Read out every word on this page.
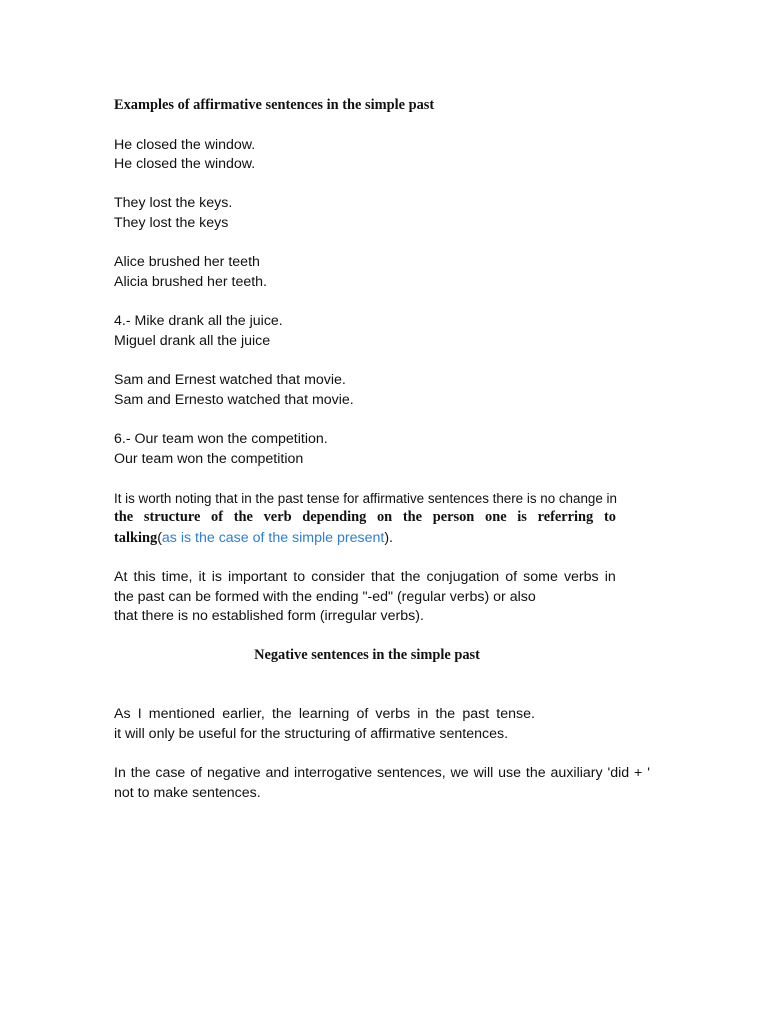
Examples of affirmative sentences in the simple past
He closed the window.
He closed the window.
They lost the keys.
They lost the keys
Alice brushed her teeth
Alicia brushed her teeth.
4.- Mike drank all the juice.
Miguel drank all the juice
Sam and Ernest watched that movie.
Sam and Ernesto watched that movie.
6.- Our team won the competition.
Our team won the competition
It is worth noting that in the past tense for affirmative sentences there is no change in
the structure of the verb depending on the person one is referring to
talking(as is the case of the simple present).
At this time, it is important to consider that the conjugation of some verbs in
the past can be formed with the ending "-ed" (regular verbs) or also
that there is no established form (irregular verbs).
Negative sentences in the simple past
As I mentioned earlier, the learning of verbs in the past tense.
it will only be useful for the structuring of affirmative sentences.
In the case of negative and interrogative sentences, we will use the auxiliary 'did + '
not to make sentences.
